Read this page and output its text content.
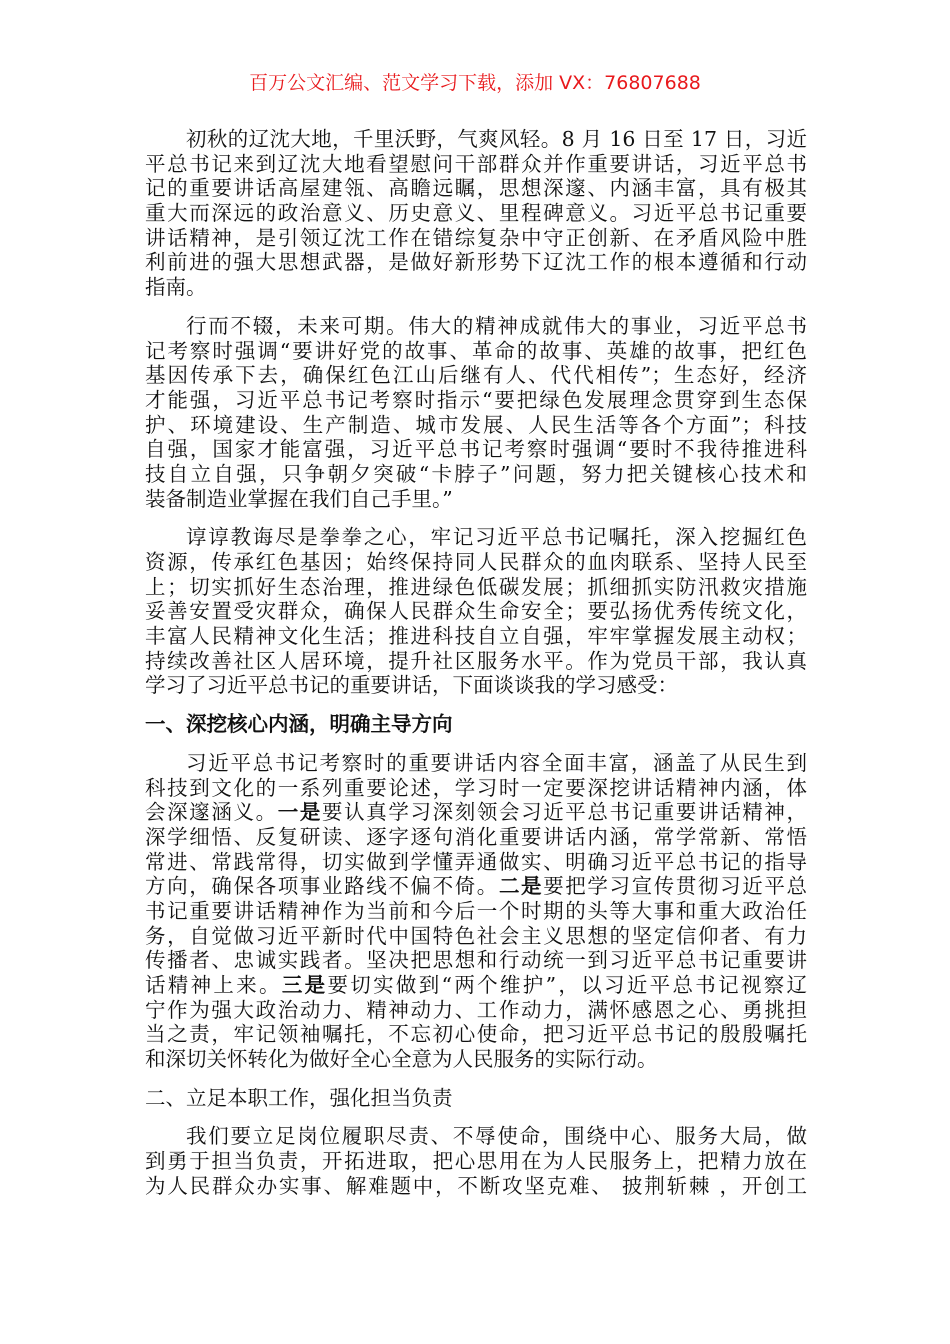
百万公文汇编、范文学习下载，添加 VX：76807688
初秋的辽沈大地，千里沃野，气爽风轻。8 月 16 日至 17 日，习近
平总书记来到辽沈大地看望慰问干部群众并作重要讲话，习近平总书
记的重要讲话高屋建瓴、高瞻远瞩，思想深邃、内涵丰富，具有极其
重大而深远的政治意义、历史意义、里程碑意义。习近平总书记重要
讲话精神，是引领辽沈工作在错综复杂中守正创新、在矛盾风险中胜
利前进的强大思想武器，是做好新形势下辽沈工作的根本遵循和行动
指南。
行而不辍，未来可期。伟大的精神成就伟大的事业，习近平总书
记考察时强调“要讲好党的故事、革命的故事、英雄的故事，把红色
基因传承下去，确保红色江山后继有人、代代相传”；生态好，经济
才能强，习近平总书记考察时指示“要把绿色发展理念贯穿到生态保
护、环境建设、生产制造、城市发展、人民生活等各个方面”；科技
自强，国家才能富强，习近平总书记考察时强调“要时不我待推进科
技自立自强，只争朝夕突破“卡脖子”问题，努力把关键核心技术和
装备制造业掌握在我们自己手里。”
谆谆教诲尽是拳拳之心，牢记习近平总书记嘱托，深入挖掘红色
资源，传承红色基因；始终保持同人民群众的血肉联系、坚持人民至
上；切实抓好生态治理，推进绿色低碳发展；抓细抓实防汛救灾措施
妥善安置受灾群众，确保人民群众生命安全；要弘扬优秀传统文化，
丰富人民精神文化生活；推进科技自立自强，牢牢掌握发展主动权；
持续改善社区人居环境，提升社区服务水平。作为党员干部，我认真
学习了习近平总书记的重要讲话，下面谈谈我的学习感受：
一、深挖核心内涵，明确主导方向
习近平总书记考察时的重要讲话内容全面丰富，涵盖了从民生到
科技到文化的一系列重要论述，学习时一定要深挖讲话精神内涵，体
会深邃涵义。一是要认真学习深刻领会习近平总书记重要讲话精神，
深学细悟、反复研读、逐字逐句消化重要讲话内涵，常学常新、常悟
常进、常践常得，切实做到学懂弄通做实、明确习近平总书记的指导
方向，确保各项事业路线不偏不倚。二是要把学习宣传贯彻习近平总
书记重要讲话精神作为当前和今后一个时期的头等大事和重大政治任
务，自觉做习近平新时代中国特色社会主义思想的坚定信仰者、有力
传播者、忠诚实践者。坚决把思想和行动统一到习近平总书记重要讲
话精神上来。三是要切实做到“两个维护”，以习近平总书记视察辽
宁作为强大政治动力、精神动力、工作动力，满怀感恩之心、勇挑担
当之责，牢记领袖嘱托，不忘初心使命，把习近平总书记的殷殷嘱托
和深切关怀转化为做好全心全意为人民服务的实际行动。
二、立足本职工作，强化担当负责
我们要立足岗位履职尽责、不辱使命，围绕中心、服务大局，做
到勇于担当负责，开拓进取，把心思用在为人民服务上，把精力放在
为人民群众办实事、解难题中，不断攻坚克难、 披荆斩棘 ，开创工
